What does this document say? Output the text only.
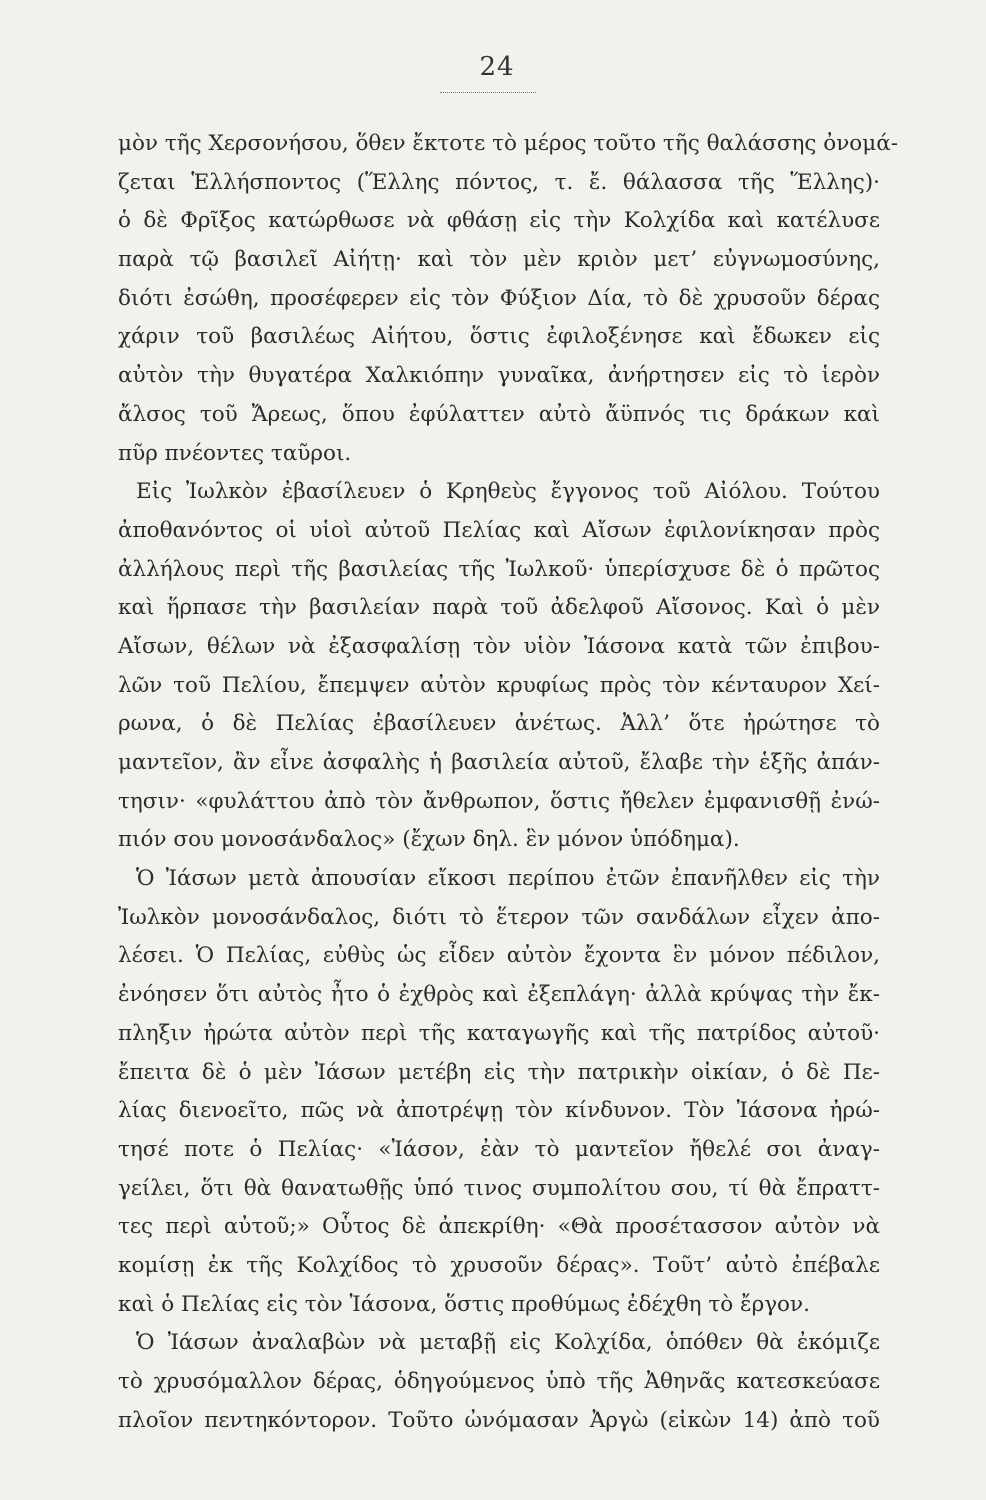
24
μὸν τῆς Χερσονήσου, ὅθεν ἔκτοτε τὸ μέρος τοῦτο τῆς θαλάσσης ὀνομά-
ζεται Ἑλλήσποντος (Ἕλλης πόντος, τ. ἔ. θάλασσα τῆς Ἕλλης)·
ὁ δὲ Φρῖξος κατώρθωσε νὰ φθάσῃ εἰς τὴν Κολχίδα καὶ κατέλυσε
παρὰ τῷ βασιλεῖ Αἰήτῃ· καὶ τὸν μὲν κριὸν μετ’ εὐγνωμοσύνης,
διότι ἐσώθη, προσέφερεν εἰς τὸν Φύξιον Δία, τὸ δὲ χρυσοῦν δέρας
χάριν τοῦ βασιλέως Αἰήτου, ὅστις ἐφιλοξένησε καὶ ἔδωκεν εἰς
αὐτὸν τὴν θυγατέρα Χαλκιόπην γυναῖκα, ἀνήρτησεν εἰς τὸ ἱερὸν
ἄλσος τοῦ Ἄρεως, ὅπου ἐφύλαττεν αὐτὸ ἄϋπνός τις δράκων καὶ
πῦρ πνέοντες ταῦροι.
Εἰς Ἰωλκὸν ἐβασίλευεν ὁ Κρηθεὺς ἔγγονος τοῦ Αἰόλου. Τούτου
ἀποθανόντος οἱ υἱοὶ αὐτοῦ Πελίας καὶ Αἴσων ἐφιλονίκησαν πρὸς
ἀλλήλους περὶ τῆς βασιλείας τῆς Ἰωλκοῦ· ὑπερίσχυσε δὲ ὁ πρῶτος
καὶ ἥρπασε τὴν βασιλείαν παρὰ τοῦ ἀδελφοῦ Αἴσονος. Καὶ ὁ μὲν
Αἴσων, θέλων νὰ ἐξασφαλίσῃ τὸν υἱὸν Ἰάσονα κατὰ τῶν ἐπιβου-
λῶν τοῦ Πελίου, ἔπεμψεν αὐτὸν κρυφίως πρὸς τὸν κένταυρον Χεί-
ρωνα, ὁ δὲ Πελίας ἐβασίλευεν ἀνέτως. Ἀλλ’ ὅτε ἠρώτησε τὸ
μαντεῖον, ἂν εἶνε ἀσφαλὴς ἡ βασιλεία αὐτοῦ, ἔλαβε τὴν ἑξῆς ἀπάν-
τησιν· «φυλάττου ἀπὸ τὸν ἄνθρωπον, ὅστις ἤθελεν ἐμφανισθῇ ἐνώ-
πιόν σου μονοσάνδαλος» (ἔχων δηλ. ἓν μόνον ὑπόδημα).
Ὁ Ἰάσων μετὰ ἀπουσίαν εἴκοσι περίπου ἐτῶν ἐπανῆλθεν εἰς τὴν
Ἰωλκὸν μονοσάνδαλος, διότι τὸ ἕτερον τῶν σανδάλων εἶχεν ἀπο-
λέσει. Ὁ Πελίας, εὐθὺς ὡς εἶδεν αὐτὸν ἔχοντα ἓν μόνον πέδιλον,
ἐνόησεν ὅτι αὐτὸς ἦτο ὁ ἐχθρὸς καὶ ἐξεπλάγη· ἀλλὰ κρύψας τὴν ἔκ-
πληξιν ἠρώτα αὐτὸν περὶ τῆς καταγωγῆς καὶ τῆς πατρίδος αὐτοῦ·
ἔπειτα δὲ ὁ μὲν Ἰάσων μετέβη εἰς τὴν πατρικὴν οἰκίαν, ὁ δὲ Πε-
λίας διενοεῖτο, πῶς νὰ ἀποτρέψῃ τὸν κίνδυνον. Τὸν Ἰάσονα ἠρώ-
τησέ ποτε ὁ Πελίας· «Ἰάσον, ἐὰν τὸ μαντεῖον ἤθελέ σοι ἀναγ-
γείλει, ὅτι θὰ θανατωθῇς ὑπό τινος συμπολίτου σου, τί θὰ ἔπραττ-
τες περὶ αὐτοῦ;» Οὗτος δὲ ἀπεκρίθη· «Θὰ προσέτασσον αὐτὸν νὰ
κομίσῃ ἐκ τῆς Κολχίδος τὸ χρυσοῦν δέρας». Τοῦτ’ αὐτὸ ἐπέβαλε
καὶ ὁ Πελίας εἰς τὸν Ἰάσονα, ὅστις προθύμως ἐδέχθη τὸ ἔργον.
Ὁ Ἰάσων ἀναλαβὼν νὰ μεταβῇ εἰς Κολχίδα, ὁπόθεν θὰ ἐκόμιζε
τὸ χρυσόμαλλον δέρας, ὁδηγούμενος ὑπὸ τῆς Ἀθηνᾶς κατεσκεύασε
πλοῖον πεντηκόντορον. Τοῦτο ὠνόμασαν Ἀργὼ (εἰκὼν 14) ἀπὸ τοῦ
